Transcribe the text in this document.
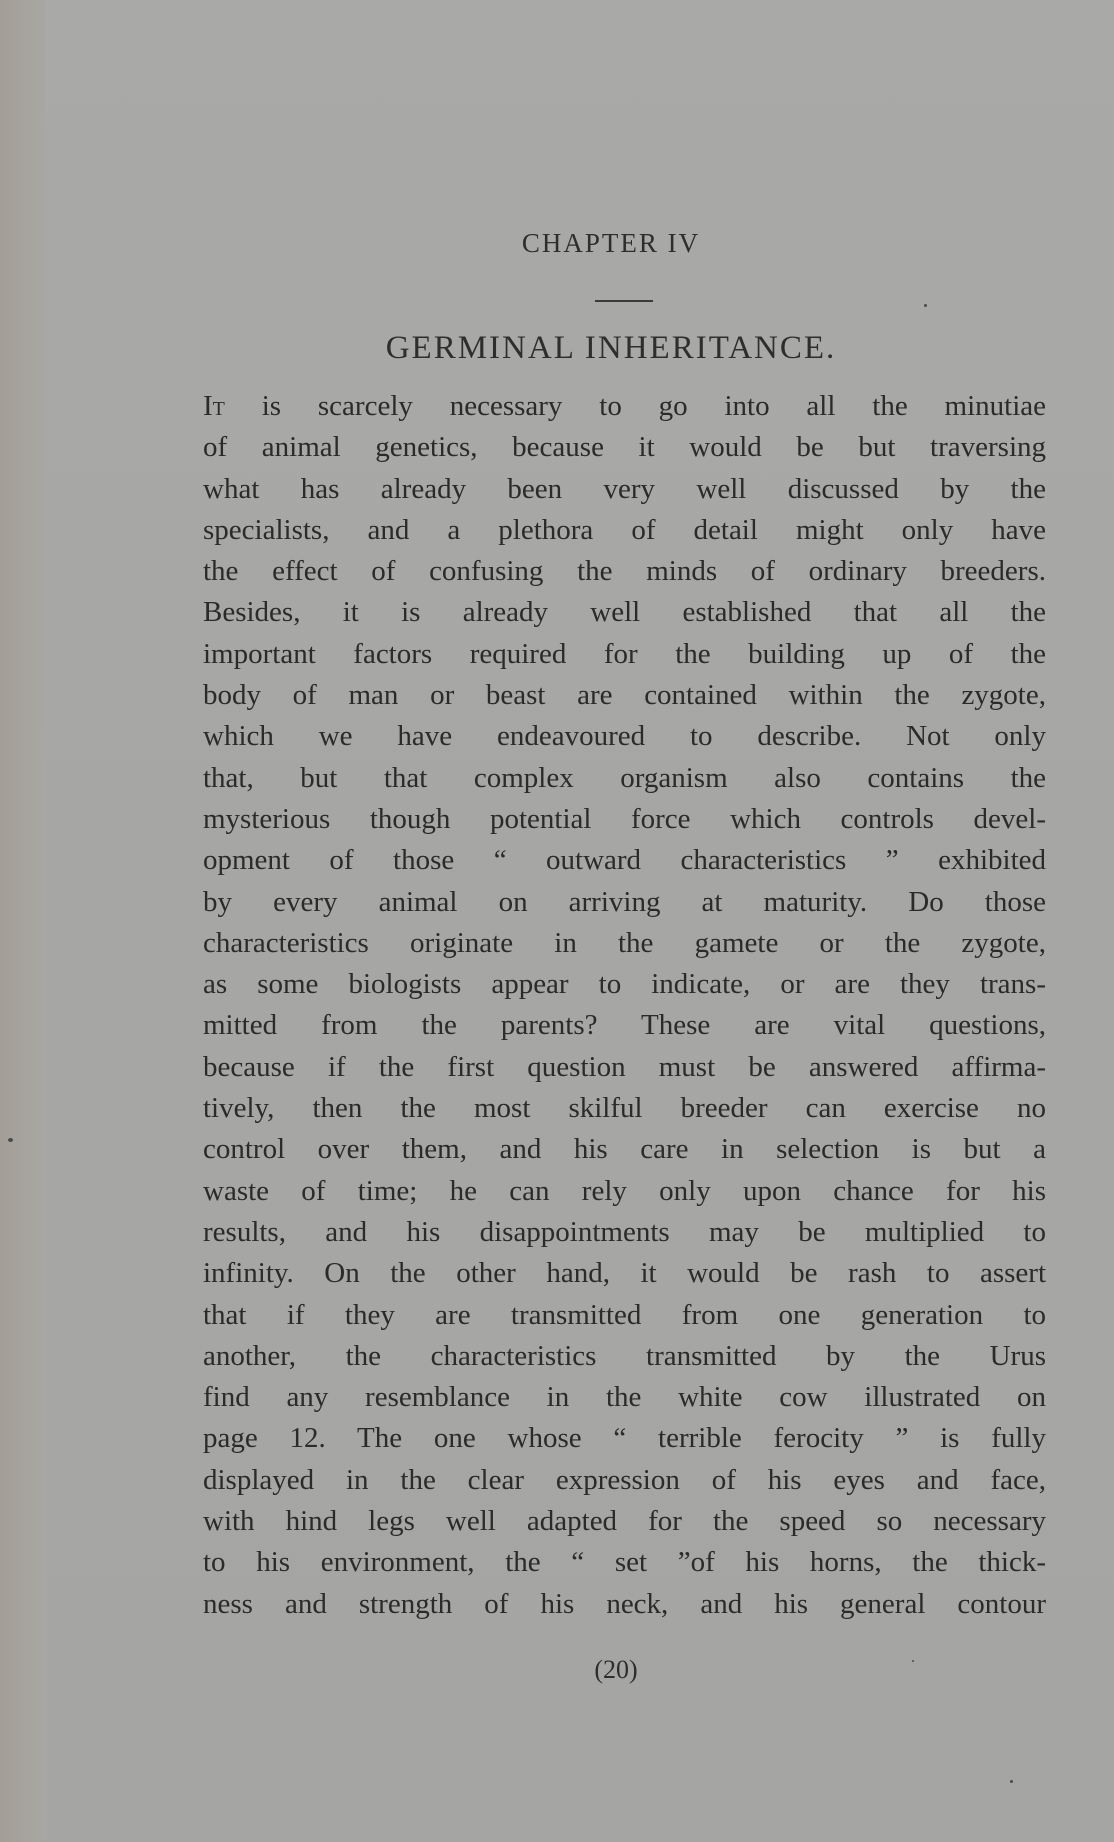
CHAPTER IV
GERMINAL INHERITANCE.
It is scarcely necessary to go into all the minutiae
of animal genetics, because it would be but traversing
what has already been very well discussed by the
specialists, and a plethora of detail might only have
the effect of confusing the minds of ordinary breeders.
Besides, it is already well established that all the
important factors required for the building up of the
body of man or beast are contained within the zygote,
which we have endeavoured to describe. Not only
that, but that complex organism also contains the
mysterious though potential force which controls devel-
opment of those “ outward characteristics ” exhibited
by every animal on arriving at maturity. Do those
characteristics originate in the gamete or the zygote,
as some biologists appear to indicate, or are they trans-
mitted from the parents? These are vital questions,
because if the first question must be answered affirma-
tively, then the most skilful breeder can exercise no
control over them, and his care in selection is but a
waste of time; he can rely only upon chance for his
results, and his disappointments may be multiplied to
infinity. On the other hand, it would be rash to assert
that if they are transmitted from one generation to
another, the characteristics transmitted by the Urus
find any resemblance in the white cow illustrated on
page 12. The one whose “ terrible ferocity ” is fully
displayed in the clear expression of his eyes and face,
with hind legs well adapted for the speed so necessary
to his environment, the “ set ”of his horns, the thick-
ness and strength of his neck, and his general contour
(20)
